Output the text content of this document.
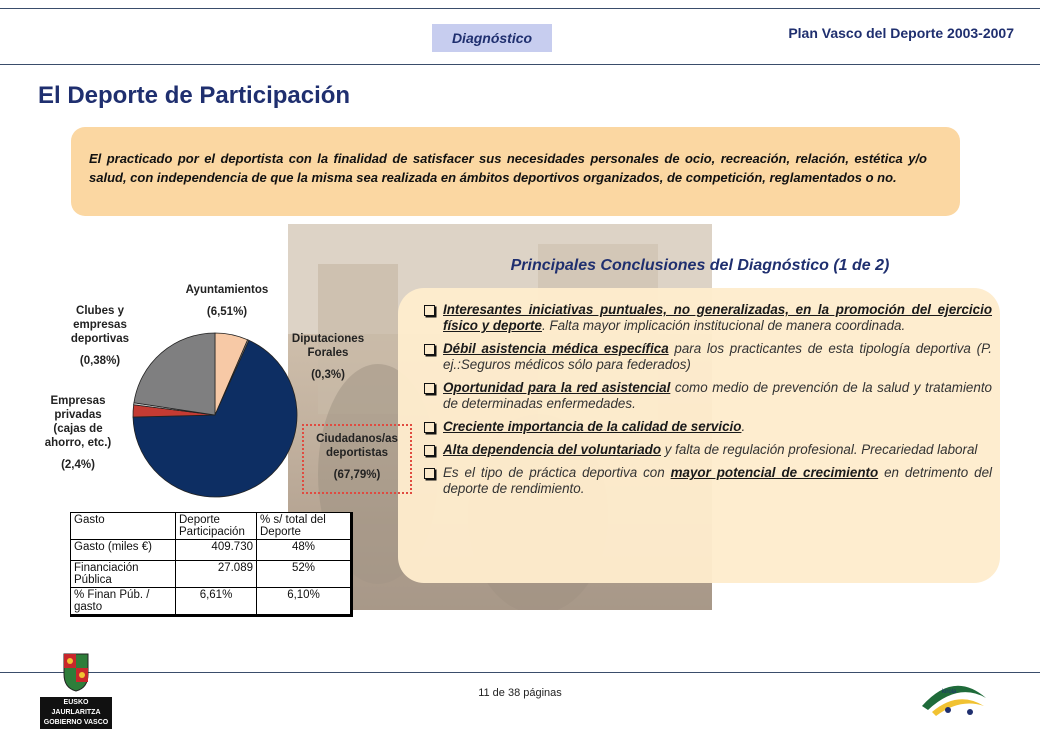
Diagnóstico	Plan Vasco del Deporte 2003-2007
El Deporte de Participación
El practicado por el deportista con la finalidad de satisfacer sus necesidades personales de ocio, recreación, relación, estética y/o salud, con independencia de que la misma sea realizada en ámbitos deportivos organizados, de competición, reglamentados o no.
Principales Conclusiones del Diagnóstico (1 de 2)
Interesantes iniciativas puntuales, no generalizadas, en la promoción del ejercicio físico y deporte. Falta mayor implicación institucional de manera coordinada.
Débil asistencia médica específica para los practicantes de esta tipología deportiva (P. ej.:Seguros médicos sólo para federados)
Oportunidad para la red asistencial como medio de prevención de la salud y tratamiento de determinadas enfermedades.
Creciente importancia de la calidad de servicio.
Alta dependencia del voluntariado y falta de regulación profesional. Precariedad laboral
Es el tipo de práctica deportiva con mayor potencial de crecimiento en detrimento del deporte de rendimiento.
Ayuntamientos
(6,51%)
Clubes y
empresas
deportivas
(0,38%)
Diputaciones
Forales
(0,3%)
Empresas
privadas
(cajas de
ahorro, etc.)
(2,4%)
Ciudadanos/as
deportistas
(67,79%)
Gasto	Deporte Participación	% s/ total del Deporte
Gasto (miles €)	409.730	48%
Financiación Pública	27.089	52%
% Finan Púb. / gasto	6,61%	6,10%
11 de 38 páginas
EUSKO JAURLARITZA
GOBIERNO VASCO
EUSKADI
kirola
